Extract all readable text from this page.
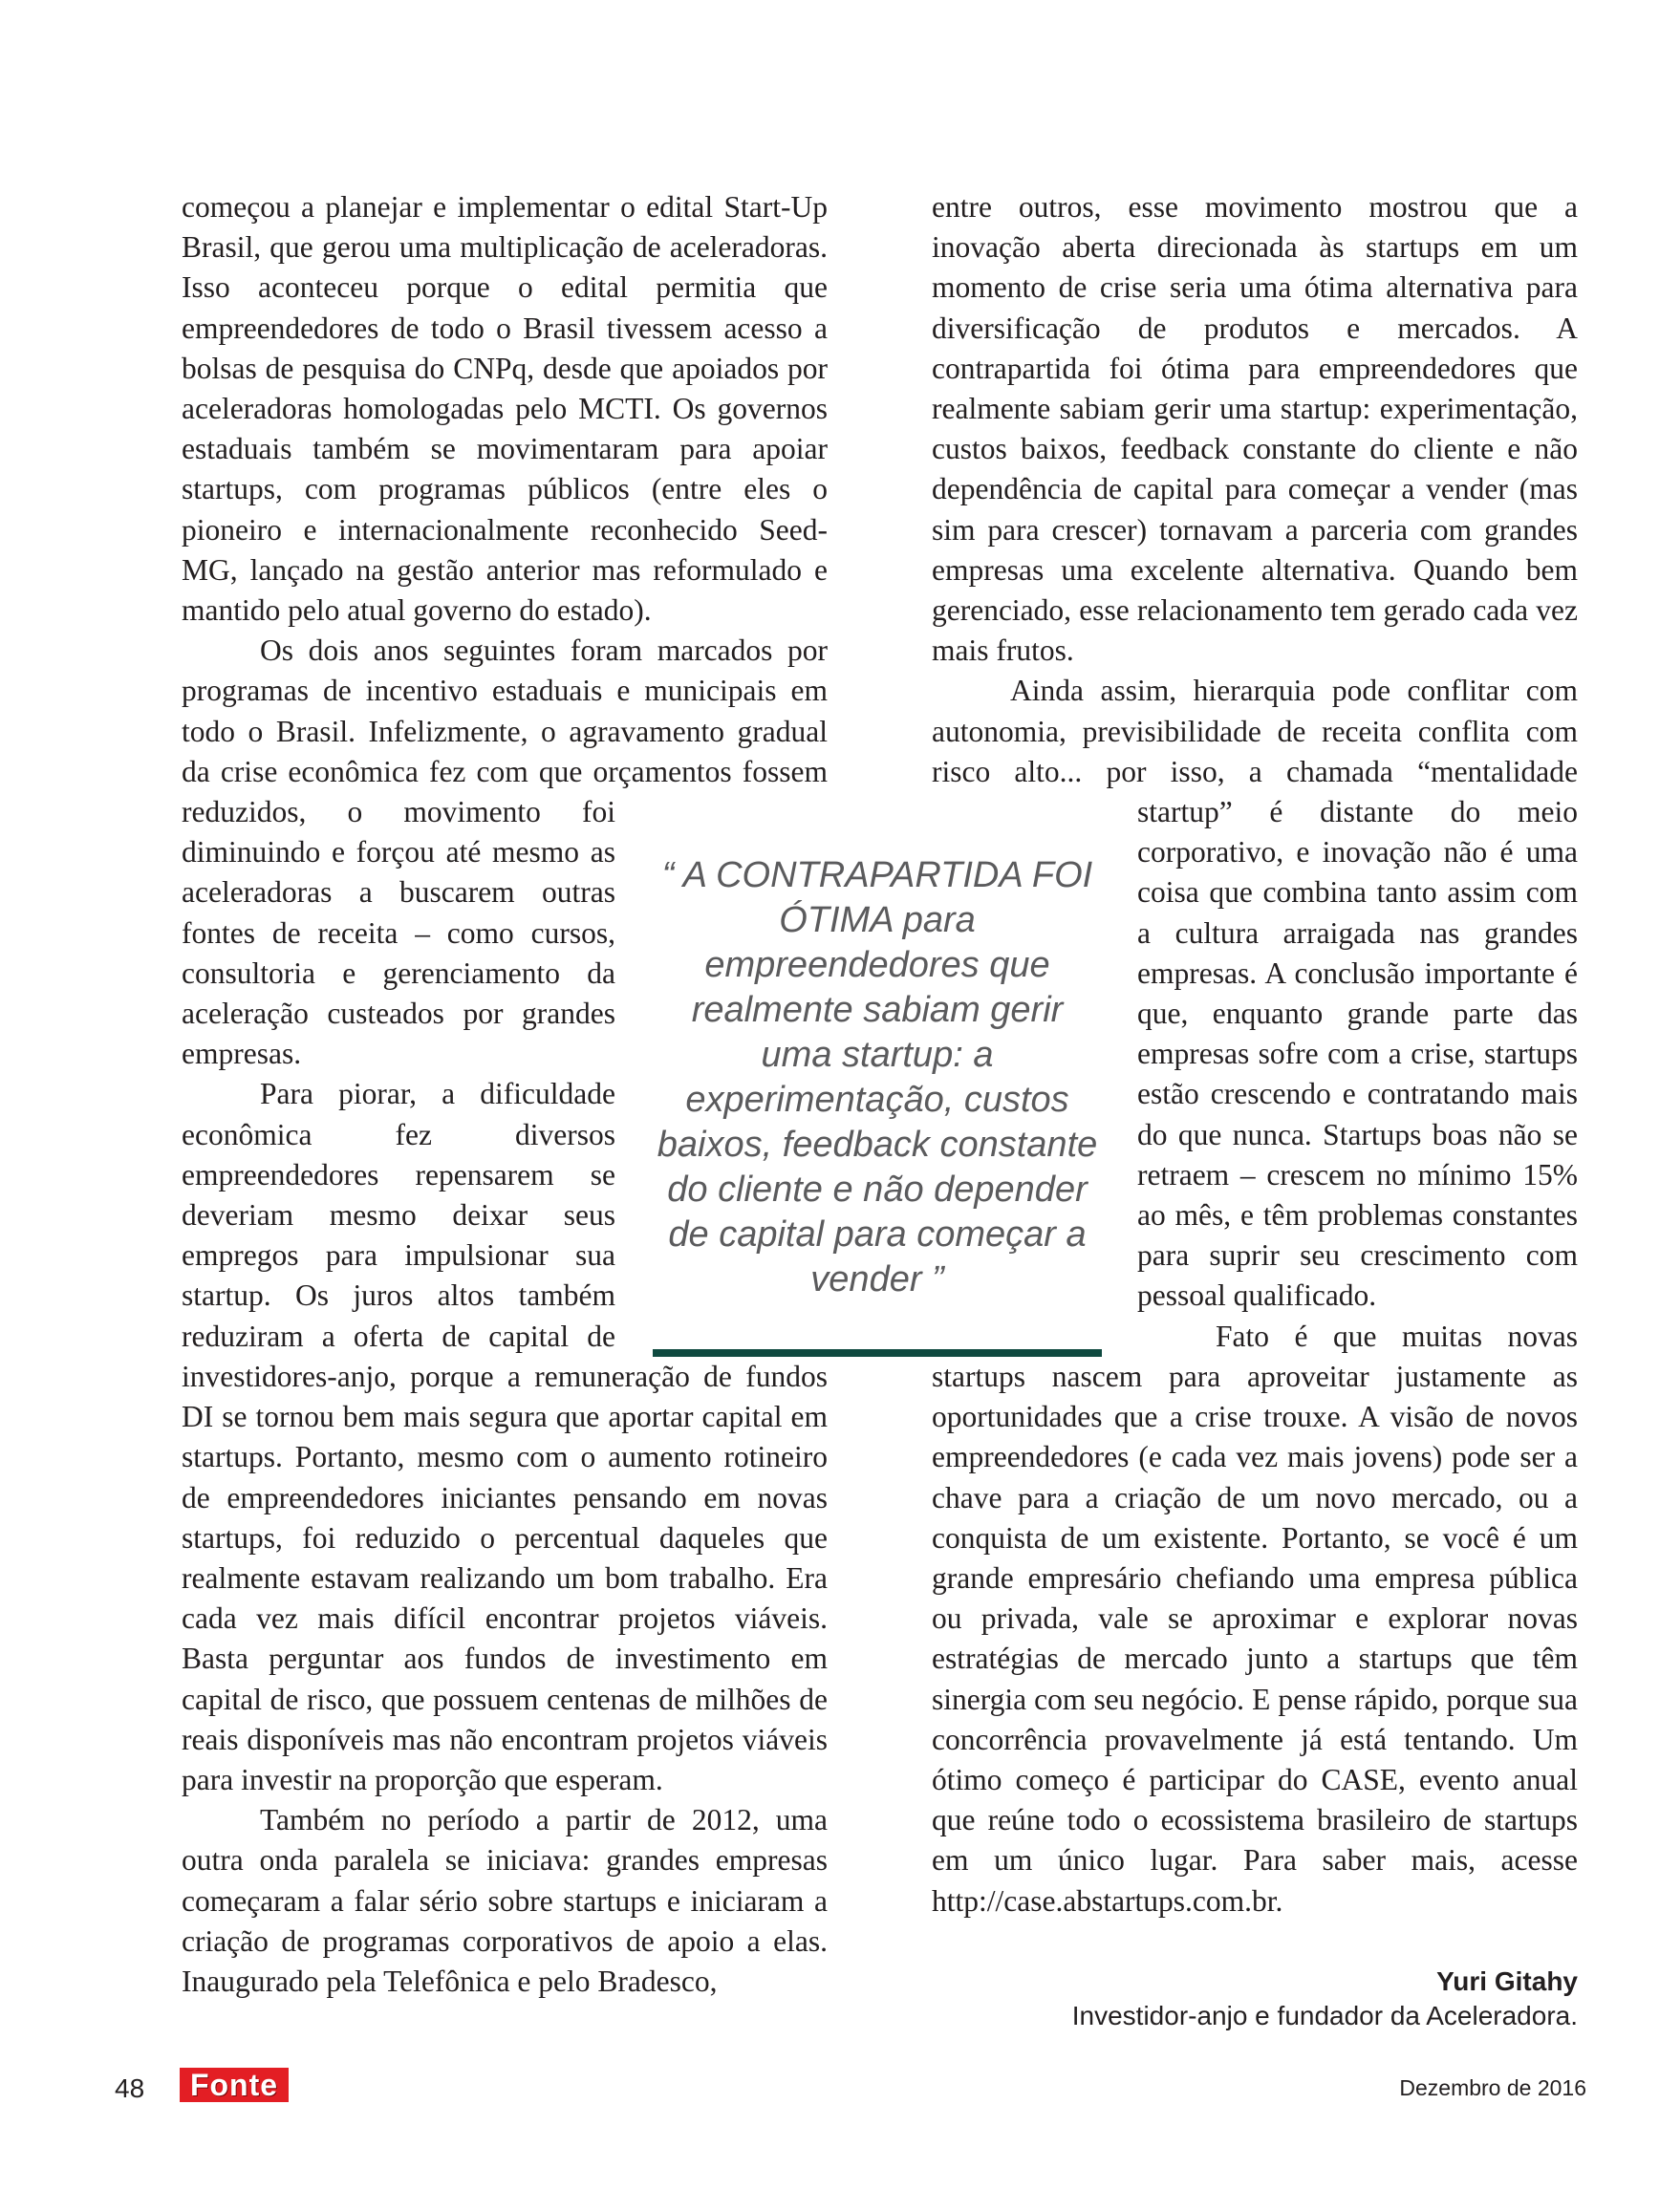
começou a planejar e implementar o edital Start-Up Brasil, que gerou uma multiplicação de aceleradoras. Isso aconteceu porque o edital permitia que empreendedores de todo o Brasil tivessem acesso a bolsas de pesquisa do CNPq, desde que apoiados por aceleradoras homologadas pelo MCTI. Os governos estaduais também se movimentaram para apoiar startups, com programas públicos (entre eles o pioneiro e internacionalmente reconhecido Seed-MG, lançado na gestão anterior mas reformulado e mantido pelo atual governo do estado).

Os dois anos seguintes foram marcados por programas de incentivo estaduais e municipais em todo o Brasil. Infelizmente, o agravamento gradual da crise econômica fez com que orçamentos fossem reduzidos, o movimento foi diminuindo e forçou até mesmo as aceleradoras a buscarem outras fontes de receita – como cursos, consultoria e gerenciamento da aceleração custeados por grandes empresas.

Para piorar, a dificuldade econômica fez diversos empreendedores repensarem se deveriam mesmo deixar seus empregos para impulsionar sua startup. Os juros altos também reduziram a oferta de capital de investidores-anjo, porque a remuneração de fundos DI se tornou bem mais segura que aportar capital em startups. Portanto, mesmo com o aumento rotineiro de empreendedores iniciantes pensando em novas startups, foi reduzido o percentual daqueles que realmente estavam realizando um bom trabalho. Era cada vez mais difícil encontrar projetos viáveis. Basta perguntar aos fundos de investimento em capital de risco, que possuem centenas de milhões de reais disponíveis mas não encontram projetos viáveis para investir na proporção que esperam.

Também no período a partir de 2012, uma outra onda paralela se iniciava: grandes empresas começaram a falar sério sobre startups e iniciaram a criação de programas corporativos de apoio a elas. Inaugurado pela Telefônica e pelo Bradesco,

entre outros, esse movimento mostrou que a inovação aberta direcionada às startups em um momento de crise seria uma ótima alternativa para diversificação de produtos e mercados. A contrapartida foi ótima para empreendedores que realmente sabiam gerir uma startup: experimentação, custos baixos, feedback constante do cliente e não dependência de capital para começar a vender (mas sim para crescer) tornavam a parceria com grandes empresas uma excelente alternativa. Quando bem gerenciado, esse relacionamento tem gerado cada vez mais frutos.

Ainda assim, hierarquia pode conflitar com autonomia, previsibilidade de receita conflita com risco alto... por isso, a chamada “mentalidade startup” é distante do meio corporativo, e inovação não é uma coisa que combina tanto assim com a cultura arraigada nas grandes empresas. A conclusão importante é que, enquanto grande parte das empresas sofre com a crise, startups estão crescendo e contratando mais do que nunca. Startups boas não se retraem – crescem no mínimo 15% ao mês, e têm problemas constantes para suprir seu crescimento com pessoal qualificado.

Fato é que muitas novas startups nascem para aproveitar justamente as oportunidades que a crise trouxe. A visão de novos empreendedores (e cada vez mais jovens) pode ser a chave para a criação de um novo mercado, ou a conquista de um existente. Portanto, se você é um grande empresário chefiando uma empresa pública ou privada, vale se aproximar e explorar novas estratégias de mercado junto a startups que têm sinergia com seu negócio. E pense rápido, porque sua concorrência provavelmente já está tentando. Um ótimo começo é participar do CASE, evento anual que reúne todo o ecossistema brasileiro de startups em um único lugar. Para saber mais, acesse http://case.abstartups.com.br.

“ A CONTRAPARTIDA FOI ÓTIMA para empreendedores que realmente sabiam gerir uma startup: a experimentação, custos baixos, feedback constante do cliente e não depender de capital para começar a vender ”
Yuri Gitahy
Investidor-anjo e fundador da Aceleradora.
48	Fonte	Dezembro de 2016
